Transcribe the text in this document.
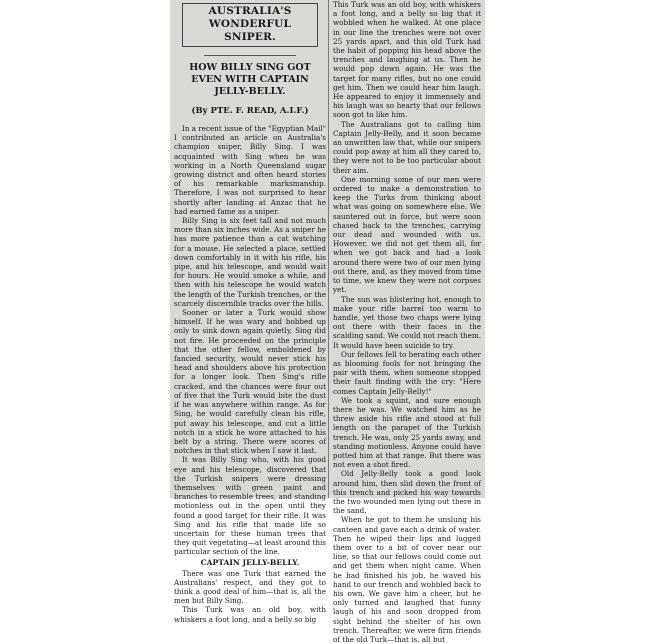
AUSTRALIA'S WONDERFUL SNIPER.
HOW BILLY SING GOT EVEN WITH CAPTAIN JELLY-BELLY.
(By PTE. F. READ, A.I.F.)

In a recent issue of the "Egyptian Mail" I contributed an article on Australia's champion sniper, Billy Sing. I was acquainted with Sing when he was working in a North Queensland sugar growing district and often heard stories of his remarkable marksmanship. Therefore, I was not surprised to hear shortly after landing at Anzac that he had earned fame as a sniper.

Billy Sing is six feet tall and not much more than six inches wide. As a sniper he has more patience than a cat watching for a mouse. He selected a place, settled down comfortably in it with his rifle, his pipe, and his telescope, and would wait for hours. He would smoke a while, and then with his telescope he would watch the length of the Turkish trenches, or the scarcely discernible tracks over the hills.

Sooner or later a Turk would show himself. If he was wary and bobbed up only to sink down again quietly, Sing did not fire. He proceeded on the principle that the other fellow, emboldened by fancied security, would never stick his head and shoulders above his protection for a longer look. Then Sing's rifle cracked, and the chances were four out of five that the Turk would bite the dust if he was anywhere within range. As for Sing, he would carefully clean his rifle, put away his telescope, and cut a little notch in a stick he wore attached to his belt by a string. There were scores of notches in that stick when I saw it last.

It was Billy Sing who, with his good eye and his telescope, discovered that the Turkish snipers were dressing themselves with green paint and branches to resemble trees, and standing motionless out in the open until they found a good target for their rifle. It was Sing and his rifle that made life so uncertain for these human trees that they quit vegetating—at least around this particular section of the line.

CAPTAIN JELLY-BELLY.

There was one Turk that earned the Australians' respect, and they got to think a good deal of him—that is, all the men but Billy Sing.

This Turk was an old boy, with whiskers a foot long, and a belly so big

This Turk was an old boy, with whiskers a foot long, and a belly so big that it wobbled when he walked. At one place in our line the trenches were not over 25 yards apart, and this old Turk had the habit of popping his head above the trenches and laughing at us. Then he would pop down again. He was the target for many rifles, but no one could get him. Then we could hear him laugh. He appeared to enjoy it immensely and his laugh was so hearty that our fellows soon got to like him.

The Australians got to calling him Captain Jelly-Belly, and it soon became an unwritten law that, while our snipers could pop away at him all they cared to, they were not to be too particular about their aim.

One morning some of our men were ordered to make a demonstration to keep the Turks from thinking about what was going on somewhere else. We sauntered out in force, but were soon chased back to the trenches, carrying our dead and wounded with us. However, we did not get them all, for when we got back and had a look around there were two of our men lying out there, and, as they moved from time to time, we knew they were not corpses yet.

The sun was blistering hot, enough to make your rifle barrel too warm to handle, yet those two chaps were lying out there with their faces in the scalding sand. We could not reach them. It would have been suicide to try.

Our fellows fell to berating each other as blooming fools for not bringing the pair with them, when someone stopped their fault finding with the cry: "Here comes Captain Jelly-Belly!"

We took a squint, and sure enough there he was. We watched him as he threw aside his rifle and stood at full length on the parapet of the Turkish trench. He was, only 25 yards away, and standing motionless. Anyone could have potted him at that range. But there was not even a shot fired.

Old Jelly-Belly took a good look around him, then slid down the front of this trench and picked his way towards the two wounded men lying out there in the sand.

When he got to them he unslung his canteen and gave each a drink of water. Then he wiped their lips and lugged them over to a bit of cover near our line, so that our fellows could come out and get them when night came. When he had finished his job, he waved his hand to our trench and wobbled back to his own. We gave him a cheer, but he only turned and laughed that funny laugh of his and soon dropped from sight behind the shelter of his own trench. Thereafter, we were firm friends of the old Turk—that is, all but
